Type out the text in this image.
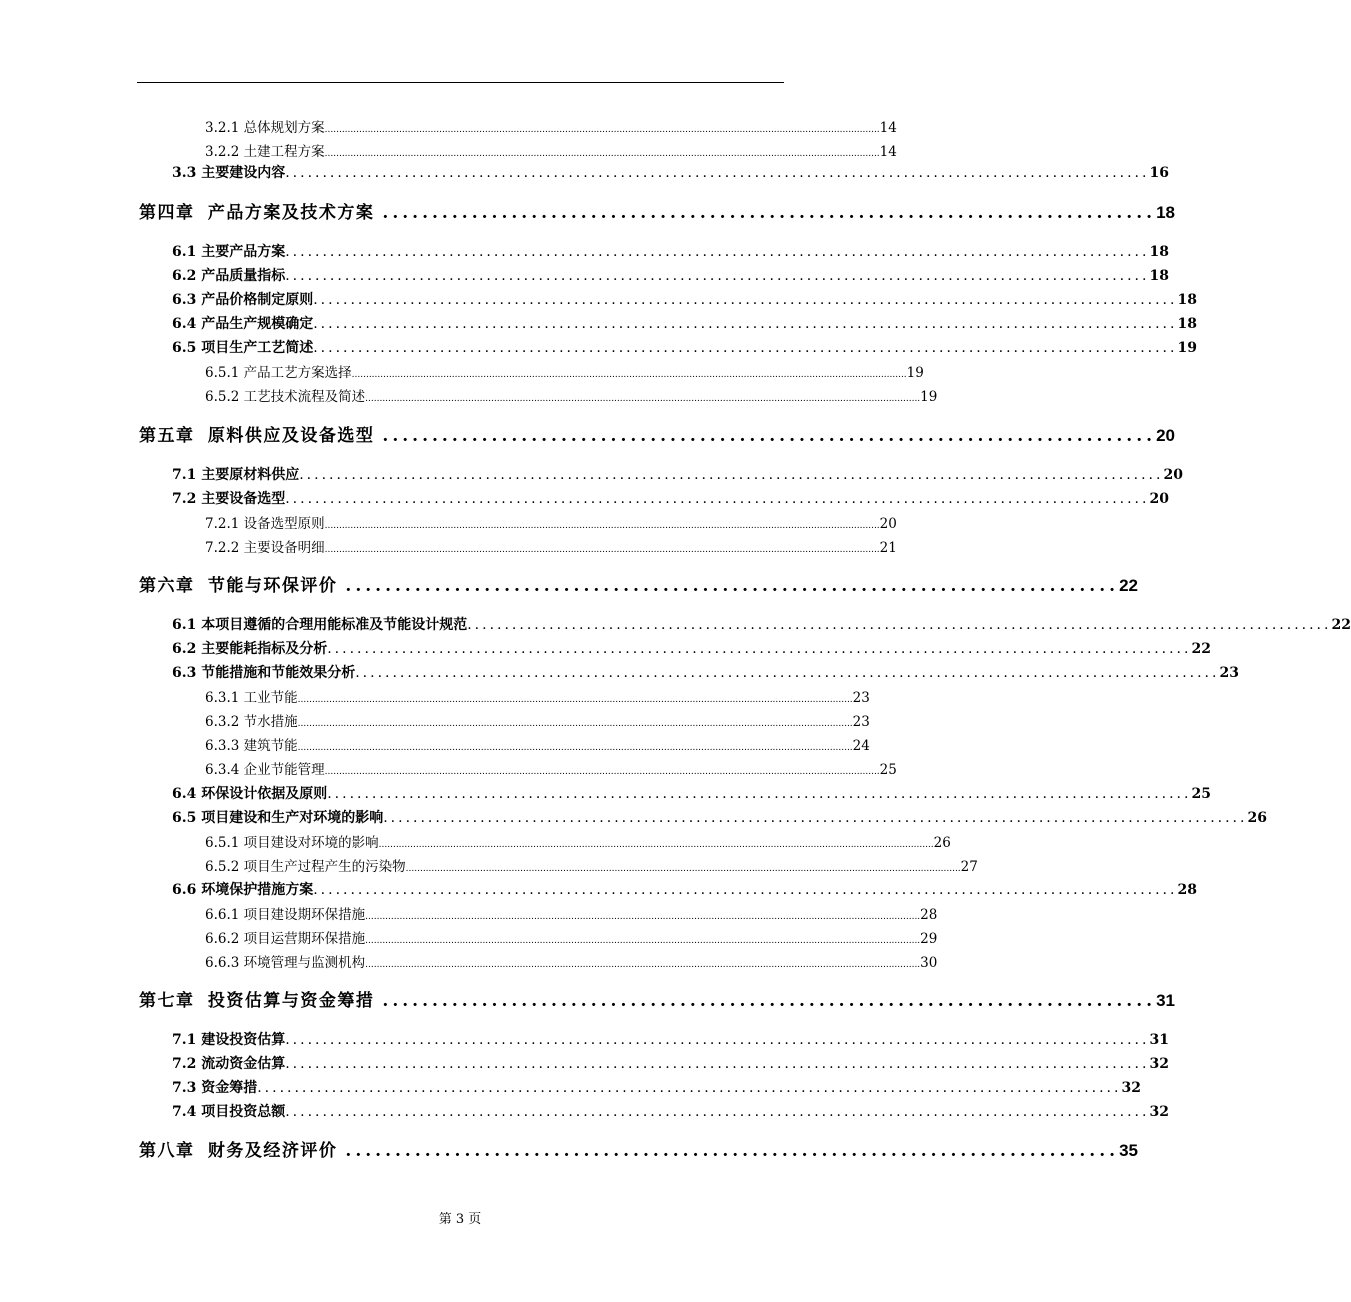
3.2.1 总体规划方案 .................................................................................................................................................................................................. 14
3.2.2 土建工程方案 .................................................................................................................................................................................................. 14
3.3 主要建设内容 .................................................................................................................... 16
第四章 产品方案及技术方案 .............................................................................. 18
6.1 主要产品方案 .................................................................................................................... 18
6.2 产品质量指标 .................................................................................................................... 18
6.3 产品价格制定原则 .................................................................................................................... 18
6.4 产品生产规模确定 .................................................................................................................... 18
6.5 项目生产工艺简述 .................................................................................................................... 19
6.5.1 产品工艺方案选择 .................................................................................................................................................................................................. 19
6.5.2 工艺技术流程及简述 .................................................................................................................................................................................................. 19
第五章 原料供应及设备选型 .............................................................................. 20
7.1 主要原材料供应 .................................................................................................................... 20
7.2 主要设备选型 .................................................................................................................... 20
7.2.1 设备选型原则 .................................................................................................................................................................................................. 20
7.2.2 主要设备明细 .................................................................................................................................................................................................. 21
第六章 节能与环保评价 .............................................................................. 22
6.1 本项目遵循的合理用能标准及节能设计规范 .................................................................................................................... 22
6.2 主要能耗指标及分析 .................................................................................................................... 22
6.3 节能措施和节能效果分析 .................................................................................................................... 23
6.3.1 工业节能 .................................................................................................................................................................................................. 23
6.3.2 节水措施 .................................................................................................................................................................................................. 23
6.3.3 建筑节能 .................................................................................................................................................................................................. 24
6.3.4 企业节能管理 .................................................................................................................................................................................................. 25
6.4 环保设计依据及原则 .................................................................................................................... 25
6.5 项目建设和生产对环境的影响 .................................................................................................................... 26
6.5.1 项目建设对环境的影响 .................................................................................................................................................................................................. 26
6.5.2 项目生产过程产生的污染物 .................................................................................................................................................................................................. 27
6.6 环境保护措施方案 .................................................................................................................... 28
6.6.1 项目建设期环保措施 .................................................................................................................................................................................................. 28
6.6.2 项目运营期环保措施 .................................................................................................................................................................................................. 29
6.6.3 环境管理与监测机构 .................................................................................................................................................................................................. 30
第七章 投资估算与资金筹措 .............................................................................. 31
7.1 建设投资估算 .................................................................................................................... 31
7.2 流动资金估算 .................................................................................................................... 32
7.3 资金筹措 .................................................................................................................... 32
7.4 项目投资总额 .................................................................................................................... 32
第八章 财务及经济评价 .............................................................................. 35
第 3 页
